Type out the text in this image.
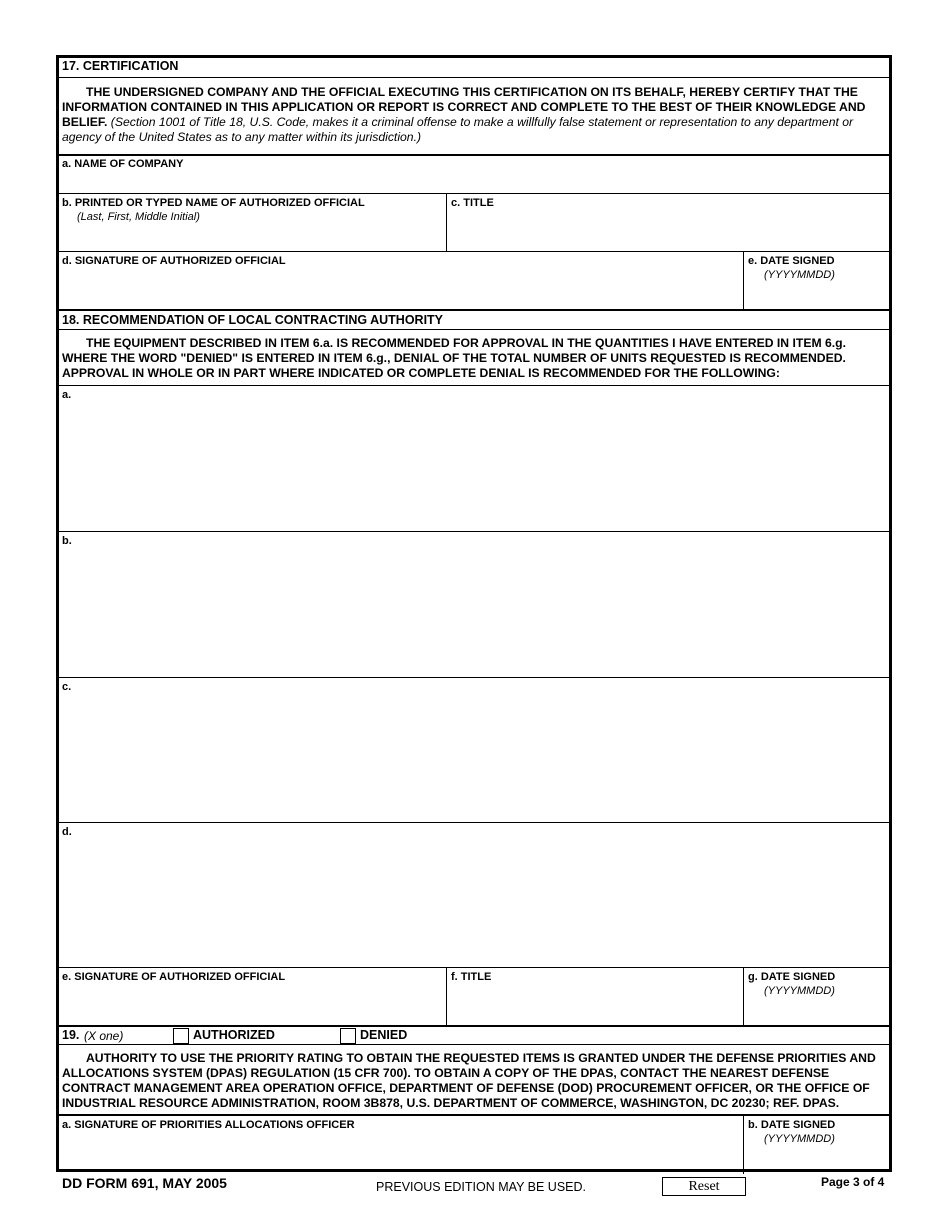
17. CERTIFICATION
THE UNDERSIGNED COMPANY AND THE OFFICIAL EXECUTING THIS CERTIFICATION ON ITS BEHALF, HEREBY CERTIFY THAT THE INFORMATION CONTAINED IN THIS APPLICATION OR REPORT IS CORRECT AND COMPLETE TO THE BEST OF THEIR KNOWLEDGE AND BELIEF. (Section 1001 of Title 18, U.S. Code, makes it a criminal offense to make a willfully false statement or representation to any department or agency of the United States as to any matter within its jurisdiction.)
a. NAME OF COMPANY
b. PRINTED OR TYPED NAME OF AUTHORIZED OFFICIAL
(Last, First, Middle Initial)
c. TITLE
d. SIGNATURE OF AUTHORIZED OFFICIAL	e. DATE SIGNED
(YYYYMMDD)
18. RECOMMENDATION OF LOCAL CONTRACTING AUTHORITY
THE EQUIPMENT DESCRIBED IN ITEM 6.a. IS RECOMMENDED FOR APPROVAL IN THE QUANTITIES I HAVE ENTERED IN ITEM 6.g. WHERE THE WORD "DENIED" IS ENTERED IN ITEM 6.g., DENIAL OF THE TOTAL NUMBER OF UNITS REQUESTED IS RECOMMENDED. APPROVAL IN WHOLE OR IN PART WHERE INDICATED OR COMPLETE DENIAL IS RECOMMENDED FOR THE FOLLOWING:
a.
b.
c.
d.
e. SIGNATURE OF AUTHORIZED OFFICIAL	f. TITLE	g. DATE SIGNED
(YYYYMMDD)
19. (X one)	AUTHORIZED	DENIED
AUTHORITY TO USE THE PRIORITY RATING TO OBTAIN THE REQUESTED ITEMS IS GRANTED UNDER THE DEFENSE PRIORITIES AND ALLOCATIONS SYSTEM (DPAS) REGULATION (15 CFR 700). TO OBTAIN A COPY OF THE DPAS, CONTACT THE NEAREST DEFENSE CONTRACT MANAGEMENT AREA OPERATION OFFICE, DEPARTMENT OF DEFENSE (DOD) PROCUREMENT OFFICER, OR THE OFFICE OF INDUSTRIAL RESOURCE ADMINISTRATION, ROOM 3B878, U.S. DEPARTMENT OF COMMERCE, WASHINGTON, DC 20230; REF. DPAS.
a. SIGNATURE OF PRIORITIES ALLOCATIONS OFFICER	b. DATE SIGNED
(YYYYMMDD)
DD FORM 691, MAY 2005	PREVIOUS EDITION MAY BE USED.	Reset	Page 3 of 4
